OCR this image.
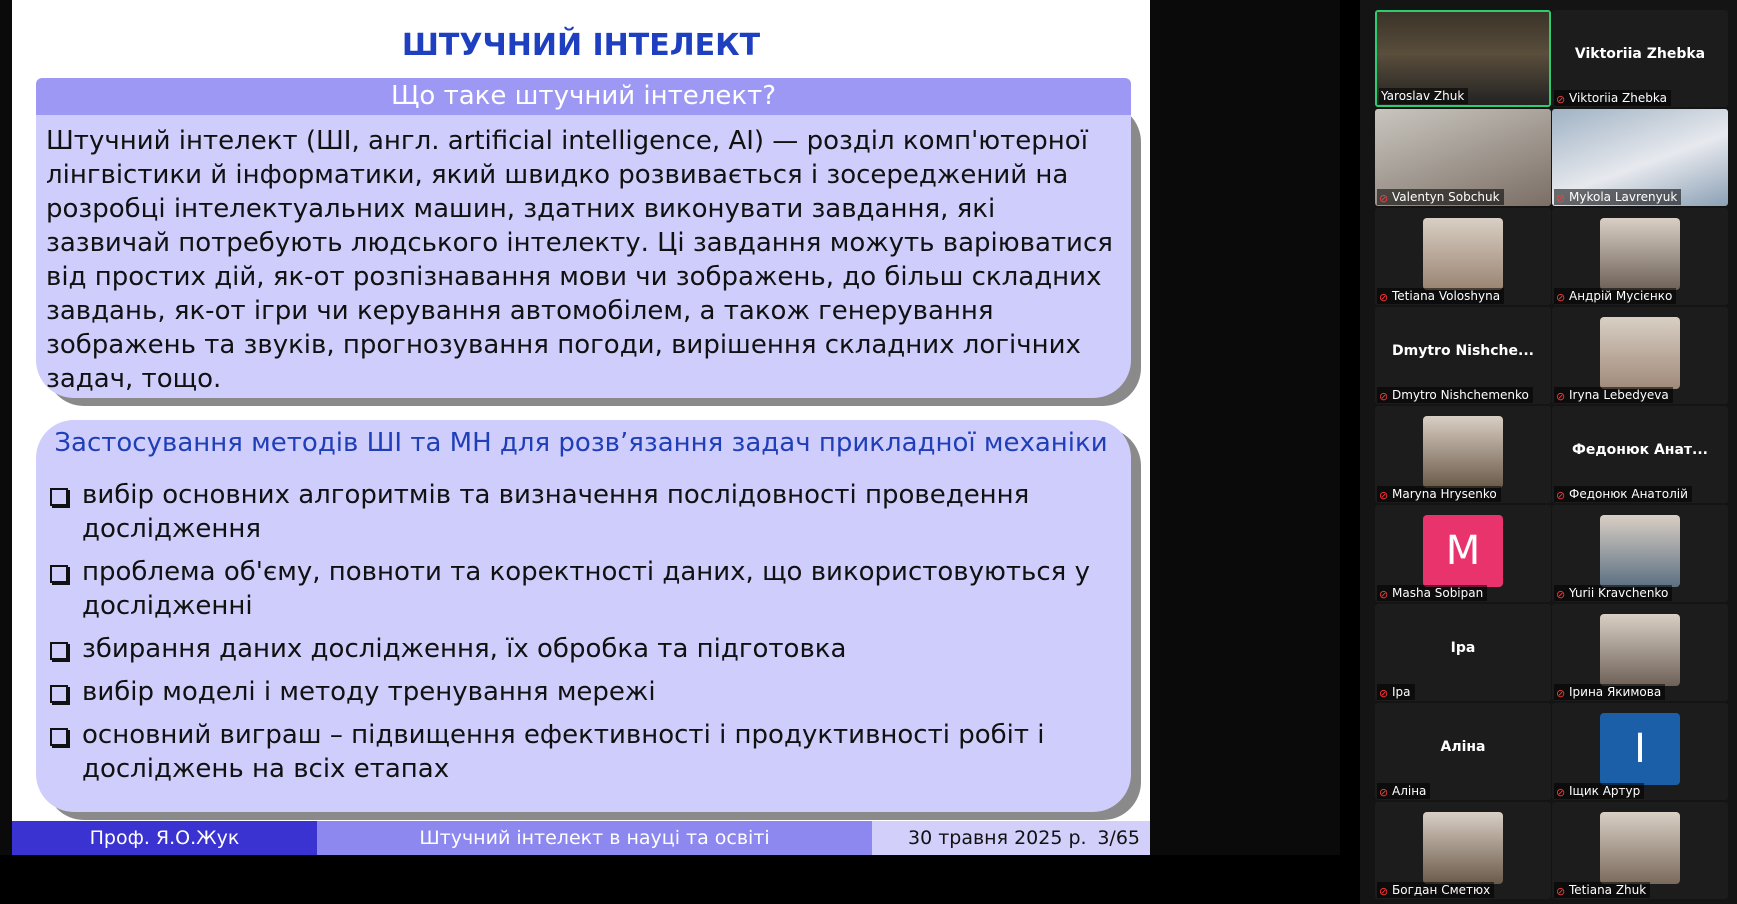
ШТУЧНИЙ ІНТЕЛЕКТ
Що таке штучний інтелект?
Штучний інтелект (ШІ, англ. artificial intelligence, AI) — розділ комп'ютерної лінгвістики й інформатики, який швидко розвивається і зосереджений на розробці інтелектуальних машин, здатних виконувати завдання, які зазвичай потребують людського інтелекту. Ці завдання можуть варіюватися від простих дій, як-от розпізнавання мови чи зображень, до більш складних завдань, як-от ігри чи керування автомобілем, а також генерування зображень та звуків, прогнозування погоди, вирішення складних логічних задач, тощо.
Застосування методів ШІ та МН для розв’язання задач прикладної механіки
вибір основних алгоритмів та визначення послідовності проведення дослідження
проблема об'єму, повноти та коректності даних, що використовуються у дослідженні
збирання даних дослідження, їх обробка та підготовка
вибір моделі і методу тренування мережі
основний виграш – підвищення ефективності і продуктивності робіт і досліджень на всіх етапах
Проф. Я.О.Жук	Штучний інтелект в науці та освіті	30 травня 2025 р. 3/65
Yaroslav Zhuk
Viktoriia Zhebka
⊘ Viktoriia Zhebka
⊘ Valentyn Sobchuk	⊘ Mykola Lavrenyuk
⊘ Tetiana Voloshyna	⊘ Андрій Мусієнко
Dmytro Nishche...
⊘ Dmytro Nishchemenko	⊘ Iryna Lebedyeva
⊘ Maryna Hrysenko
Федонюк Анат...
⊘ Федонюк Анатолій
M
⊘ Masha Sobipan	⊘ Yurii Kravchenko
Іра
⊘ Іра	⊘ Ірина Якимова
Аліна
⊘ Аліна
І
⊘ Іщик Артур
⊘ Богдан Сметюх	⊘ Tetiana Zhuk
